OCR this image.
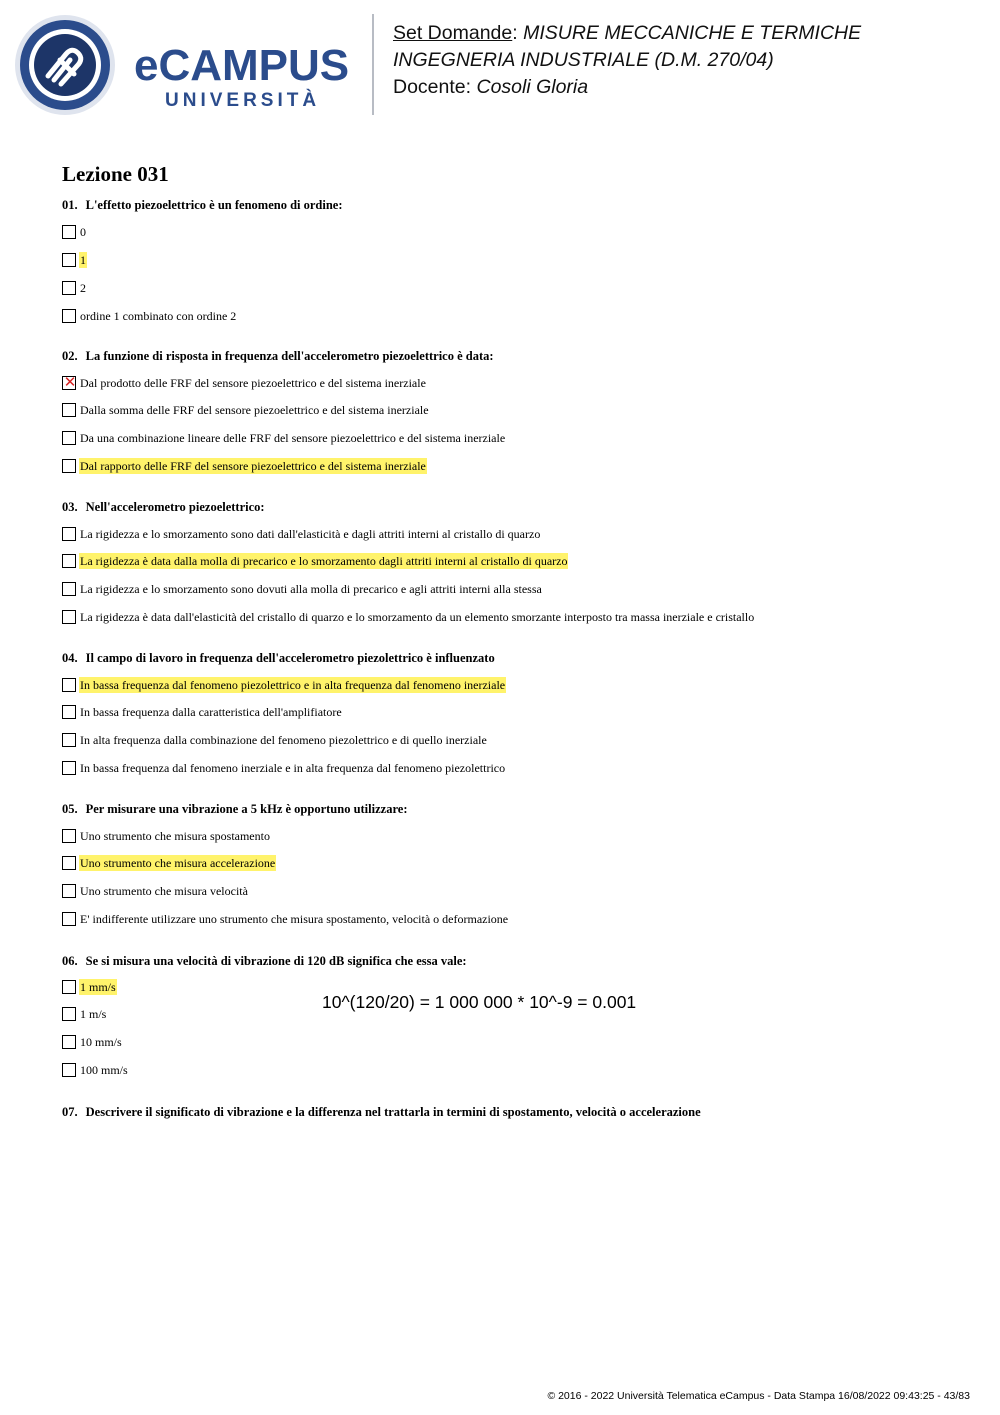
eCAMPUS
UNIVERSITÀ
Set Domande: MISURE MECCANICHE E TERMICHE
INGEGNERIA INDUSTRIALE (D.M. 270/04)
Docente: Cosoli Gloria
Lezione 031
01. L'effetto piezoelettrico è un fenomeno di ordine:
0
1
2
ordine 1 combinato con ordine 2
02. La funzione di risposta in frequenza dell'accelerometro piezoelettrico è data:
✕ Dal prodotto delle FRF del sensore piezoelettrico e del sistema inerziale
Dalla somma delle FRF del sensore piezoelettrico e del sistema inerziale
Da una combinazione lineare delle FRF del sensore piezoelettrico e del sistema inerziale
Dal rapporto delle FRF del sensore piezoelettrico e del sistema inerziale
03. Nell'accelerometro piezoelettrico:
La rigidezza e lo smorzamento sono dati dall'elasticità e dagli attriti interni al cristallo di quarzo
La rigidezza è data dalla molla di precarico e lo smorzamento dagli attriti interni al cristallo di quarzo
La rigidezza e lo smorzamento sono dovuti alla molla di precarico e agli attriti interni alla stessa
La rigidezza è data dall'elasticità del cristallo di quarzo e lo smorzamento da un elemento smorzante interposto tra massa inerziale e cristallo
04. Il campo di lavoro in frequenza dell'accelerometro piezolettrico è influenzato
In bassa frequenza dal fenomeno piezolettrico e in alta frequenza dal fenomeno inerziale
In bassa frequenza dalla caratteristica dell'amplifiatore
In alta frequenza dalla combinazione del fenomeno piezolettrico e di quello inerziale
In bassa frequenza dal fenomeno inerziale e in alta frequenza dal fenomeno piezolettrico
05. Per misurare una vibrazione a 5 kHz è opportuno utilizzare:
Uno strumento che misura spostamento
Uno strumento che misura accelerazione
Uno strumento che misura velocità
E' indifferente utilizzare uno strumento che misura spostamento, velocità o deformazione
06. Se si misura una velocità di vibrazione di 120 dB significa che essa vale:
1 mm/s
1 m/s
10 mm/s
100 mm/s
10^(120/20) = 1 000 000 * 10^-9 = 0.001
07. Descrivere il significato di vibrazione e la differenza nel trattarla in termini di spostamento, velocità o accelerazione
© 2016 - 2022 Università Telematica eCampus - Data Stampa 16/08/2022 09:43:25 - 43/83
